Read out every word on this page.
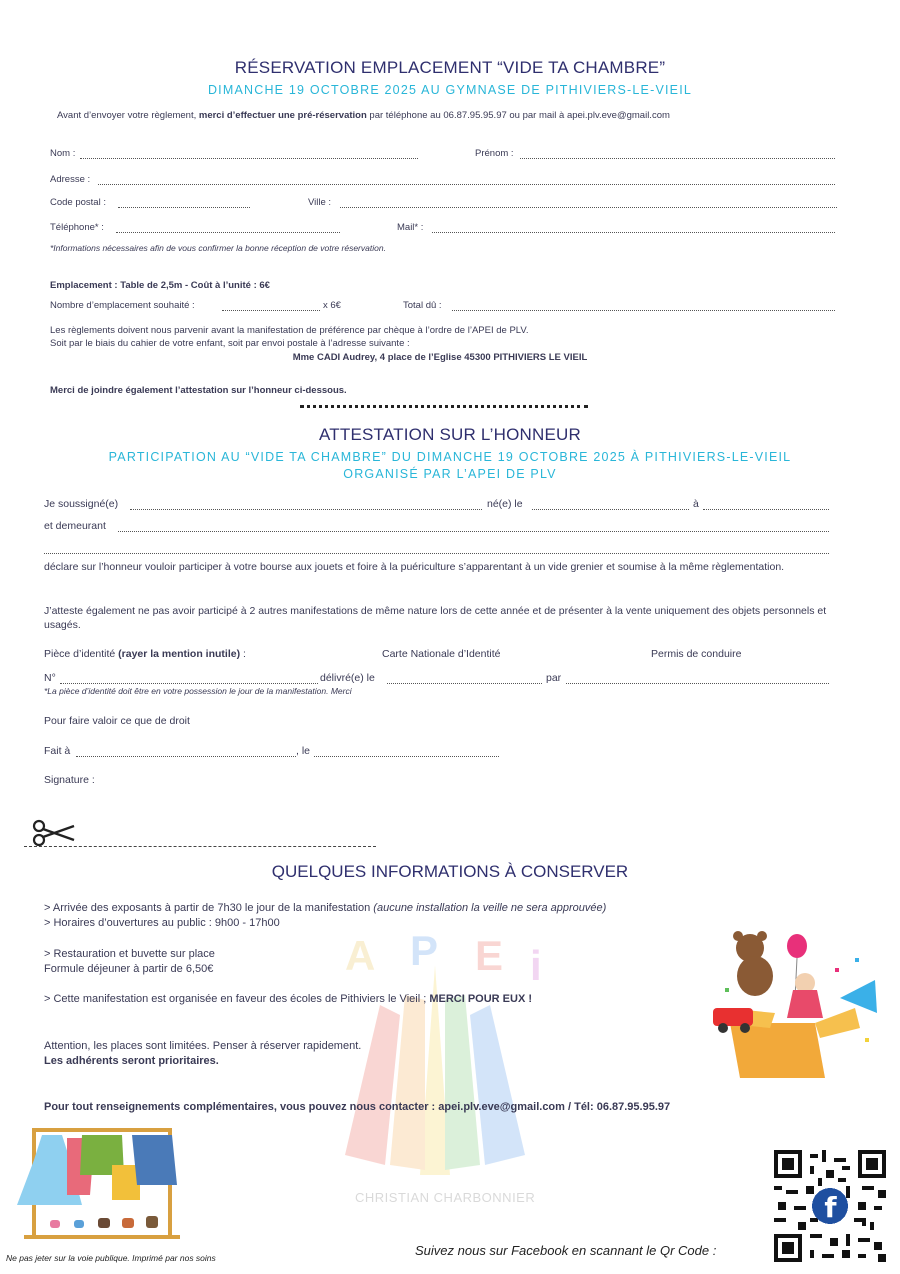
RÉSERVATION EMPLACEMENT “VIDE TA CHAMBRE”
DIMANCHE 19 OCTOBRE 2025 AU GYMNASE DE PITHIVIERS-LE-VIEIL
Avant d’envoyer votre règlement, merci d’effectuer une pré-réservation par téléphone au 06.87.95.95.97 ou par mail à apei.plv.eve@gmail.com
Nom :	Prénom :
Adresse :
Code postal :	Ville :
Téléphone* :	Mail* :
*Informations nécessaires afin de vous confirmer la bonne réception de votre réservation.
Emplacement : Table de 2,5m - Coût à l’unité : 6€
Nombre d’emplacement souhaité :	x 6€	Total dû :
Les règlements doivent nous parvenir avant la manifestation de préférence par chèque à l’ordre de l’APEI de PLV.
Soit par le biais du cahier de votre enfant, soit par envoi postale à l’adresse suivante :
Mme CADI Audrey, 4 place de l’Eglise 45300 PITHIVIERS LE VIEIL
Merci de joindre également l’attestation sur l’honneur ci-dessous.
ATTESTATION SUR L’HONNEUR
PARTICIPATION AU “VIDE TA CHAMBRE” DU DIMANCHE 19 OCTOBRE 2025 À PITHIVIERS-LE-VIEIL
ORGANISÉ PAR L’APEI DE PLV
Je soussigné(e)	né(e) le	à
et demeurant
déclare sur l’honneur vouloir participer à votre bourse aux jouets et foire à la puériculture s’apparentant à un vide grenier et soumise à la même règlementation.
J’atteste également ne pas avoir participé à 2 autres manifestations de même nature lors de cette année et de présenter à la vente uniquement des objets personnels et usagés.
Pièce d’identité (rayer la mention inutile) :	Carte Nationale d’Identité	Permis de conduire
N°	délivré(e) le	par
*La pièce d’identité doit être en votre possession le jour de la manifestation. Merci
Pour faire valoir ce que de droit
Fait à	, le
Signature :
QUELQUES INFORMATIONS À CONSERVER
A P E i
CHRISTIAN CHARBONNIER
> Arrivée des exposants à partir de 7h30 le jour de la manifestation (aucune installation la veille ne sera approuvée)
> Horaires d’ouvertures au public : 9h00 - 17h00
> Restauration et buvette sur place
Formule déjeuner à partir de 6,50€
> Cette manifestation est organisée en faveur des écoles de Pithiviers le Vieil ; MERCI POUR EUX !
Attention, les places sont limitées. Penser à réserver rapidement.
Les adhérents seront prioritaires.
Pour tout renseignements complémentaires, vous pouvez nous contacter : apei.plv.eve@gmail.com / Tél: 06.87.95.95.97
f
Ne pas jeter sur la voie publique. Imprimé par nos soins	Suivez nous sur Facebook en scannant le Qr Code :
